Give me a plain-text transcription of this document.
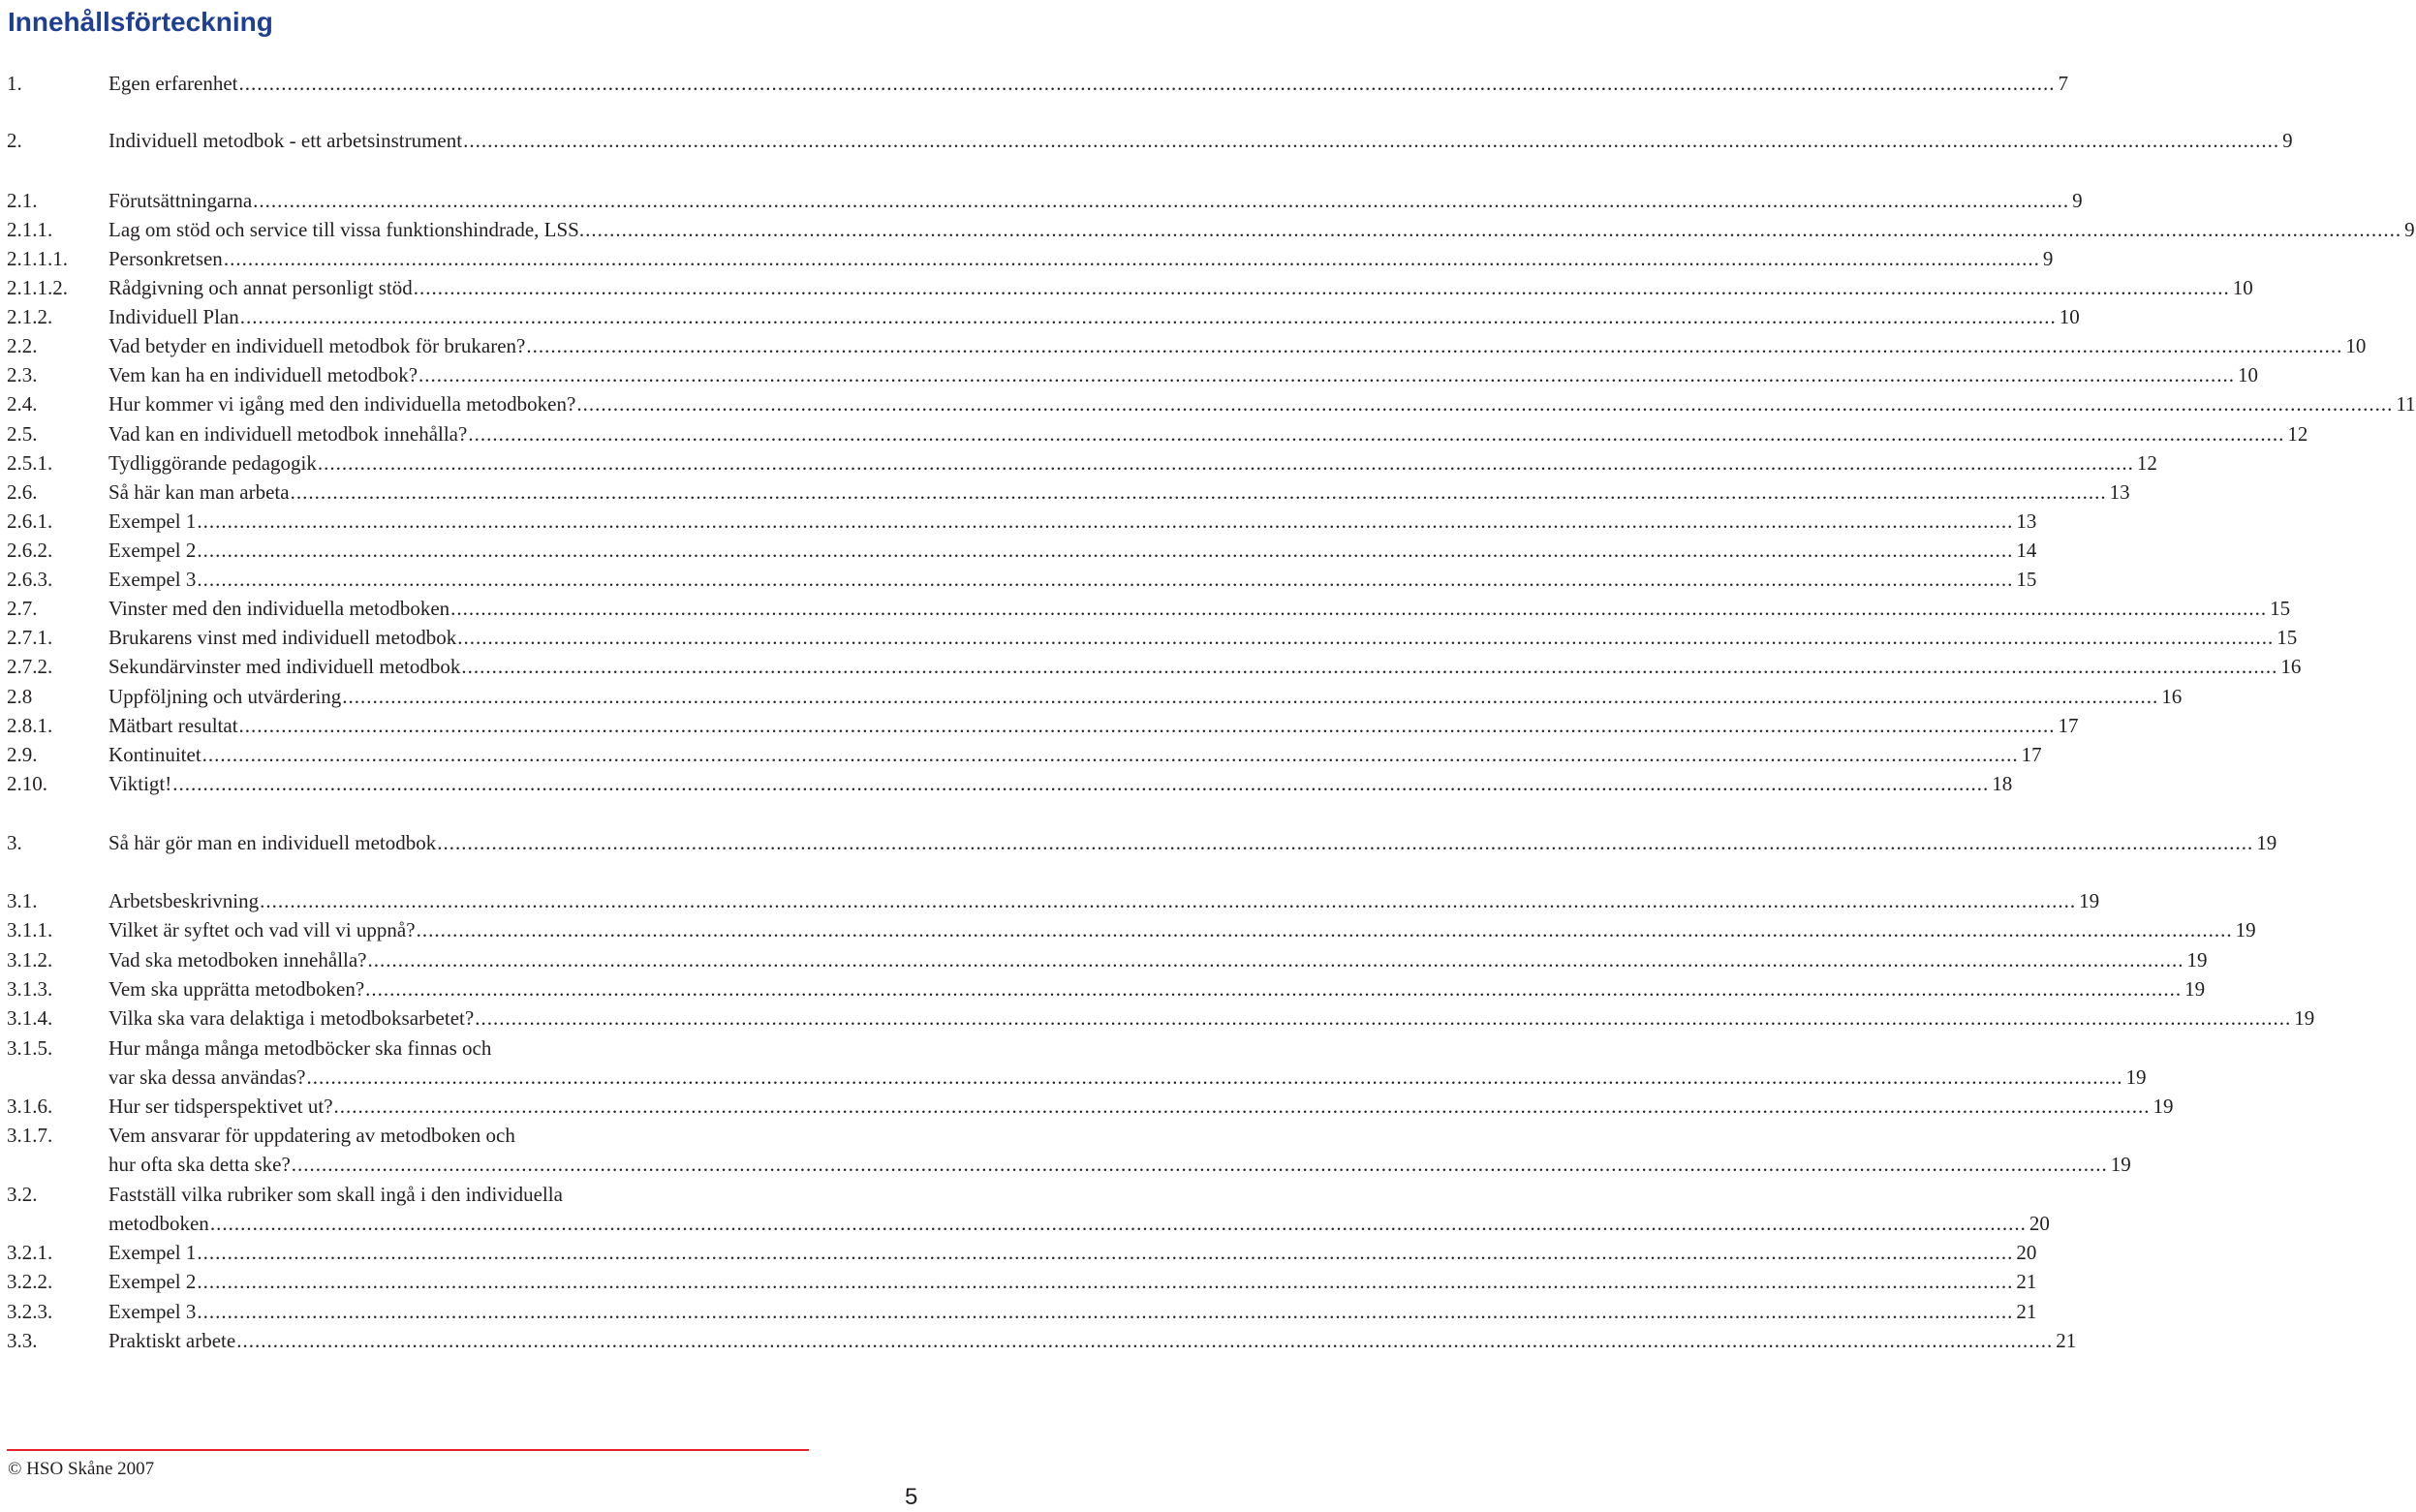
Innehållsförteckning
1.	Egen erfarenhet ............................................................................................................................................................................................................................................................................................................ 7
2.	Individuell metodbok - ett arbetsinstrument ............................................................................................................................................................................................................................................................................................................ 9
2.1.	Förutsättningarna ............................................................................................................................................................................................................................................................................................................ 9
2.1.1.	Lag om stöd och service till vissa funktionshindrade, LSS. ............................................................................................................................................................................................................................................................................................................ 9
2.1.1.1. Personkretsen ............................................................................................................................................................................................................................................................................................................ 9
2.1.1.2. Rådgivning och annat personligt stöd ............................................................................................................................................................................................................................................................................................................ 10
2.1.2.	Individuell Plan ............................................................................................................................................................................................................................................................................................................ 10
2.2.	Vad betyder en individuell metodbok för brukaren? ............................................................................................................................................................................................................................................................................................................ 10
2.3.	Vem kan ha en individuell metodbok? ............................................................................................................................................................................................................................................................................................................ 10
2.4.	Hur kommer vi igång med den individuella metodboken? ............................................................................................................................................................................................................................................................................................................ 11
2.5.	Vad kan en individuell metodbok innehålla? ............................................................................................................................................................................................................................................................................................................ 12
2.5.1.	Tydliggörande pedagogik ............................................................................................................................................................................................................................................................................................................ 12
2.6.	Så här kan man arbeta ............................................................................................................................................................................................................................................................................................................ 13
2.6.1.	Exempel 1 ............................................................................................................................................................................................................................................................................................................ 13
2.6.2.	Exempel 2 ............................................................................................................................................................................................................................................................................................................ 14
2.6.3.	Exempel 3 ............................................................................................................................................................................................................................................................................................................ 15
2.7.	Vinster med den individuella metodboken ............................................................................................................................................................................................................................................................................................................ 15
2.7.1.	Brukarens vinst med individuell metodbok ............................................................................................................................................................................................................................................................................................................ 15
2.7.2.	Sekundärvinster med individuell metodbok ............................................................................................................................................................................................................................................................................................................ 16
2.8	Uppföljning och utvärdering ............................................................................................................................................................................................................................................................................................................ 16
2.8.1.	Mätbart resultat ............................................................................................................................................................................................................................................................................................................ 17
2.9.	Kontinuitet ............................................................................................................................................................................................................................................................................................................ 17
2.10.	Viktigt! ............................................................................................................................................................................................................................................................................................................ 18
3.	Så här gör man en individuell metodbok ............................................................................................................................................................................................................................................................................................................ 19
3.1.	Arbetsbeskrivning ............................................................................................................................................................................................................................................................................................................ 19
3.1.1.	Vilket är syftet och vad vill vi uppnå? ............................................................................................................................................................................................................................................................................................................ 19
3.1.2.	Vad ska metodboken innehålla? ............................................................................................................................................................................................................................................................................................................ 19
3.1.3.	Vem ska upprätta metodboken? ............................................................................................................................................................................................................................................................................................................ 19
3.1.4.	Vilka ska vara delaktiga i metodboksarbetet? ............................................................................................................................................................................................................................................................................................................ 19
3.1.5.	Hur många många metodböcker ska finnas och
var ska dessa användas? ............................................................................................................................................................................................................................................................................................................ 19
3.1.6.	Hur ser tidsperspektivet ut? ............................................................................................................................................................................................................................................................................................................ 19
3.1.7.	Vem ansvarar för uppdatering av metodboken och
hur ofta ska detta ske? ............................................................................................................................................................................................................................................................................................................ 19
3.2.	Fastställ vilka rubriker som skall ingå i den individuella
metodboken ............................................................................................................................................................................................................................................................................................................ 20
3.2.1.	Exempel 1 ............................................................................................................................................................................................................................................................................................................ 20
3.2.2.	Exempel 2 ............................................................................................................................................................................................................................................................................................................ 21
3.2.3.	Exempel 3 ............................................................................................................................................................................................................................................................................................................ 21
3.3.	Praktiskt arbete ............................................................................................................................................................................................................................................................................................................ 21
© HSO Skåne 2007
5
